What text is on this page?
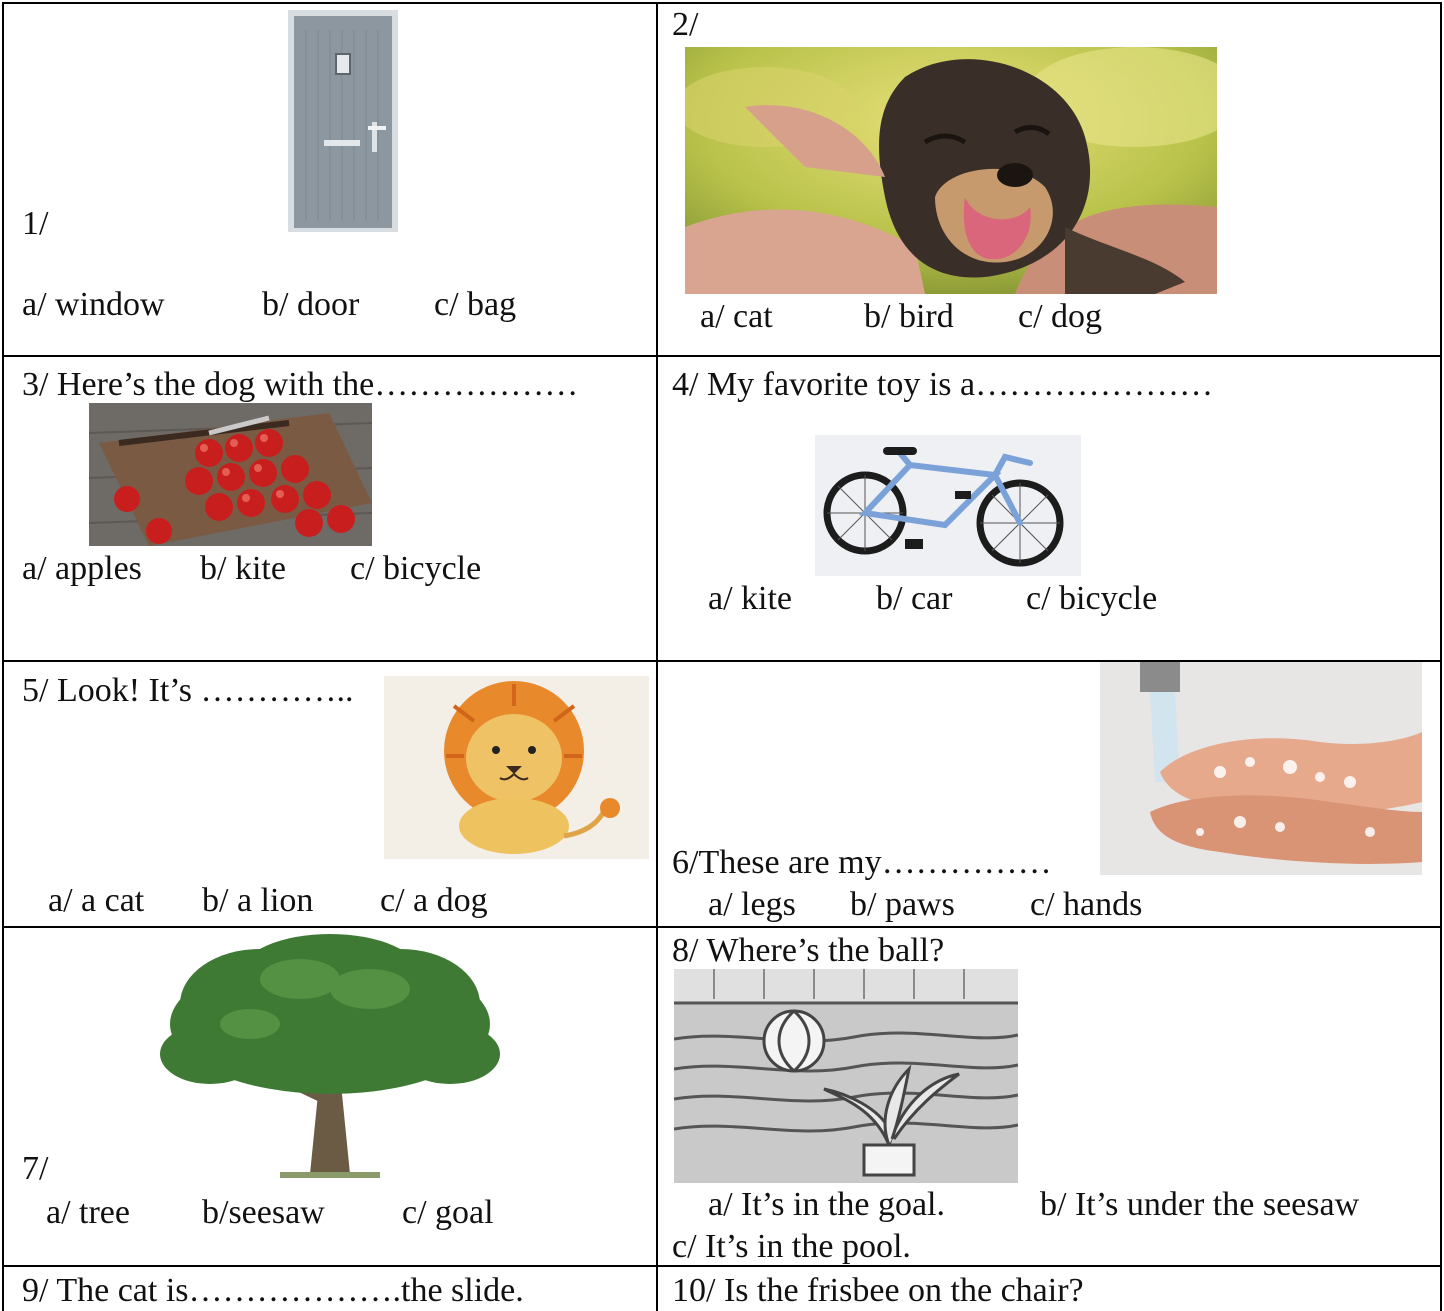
1/
a/ window	b/ door c/ bag
2/
a/ cat	b/ bird c/ dog
3/ Here’s the dog with the………………
a/ apples b/ kite c/ bicycle
4/ My favorite toy is a…………………
a/ kite b/ car c/ bicycle
5/ Look! It’s …………..
a/ a cat b/ a lion c/ a dog
6/These are my……………
a/ legs b/ paws c/ hands
7/
a/ tree b/seesaw c/ goal
8/ Where’s the ball?
a/ It’s in the goal.	b/ It’s under the seesaw
c/ It’s in the pool.
9/ The cat is……………….the slide.	10/ Is the frisbee on the chair?
